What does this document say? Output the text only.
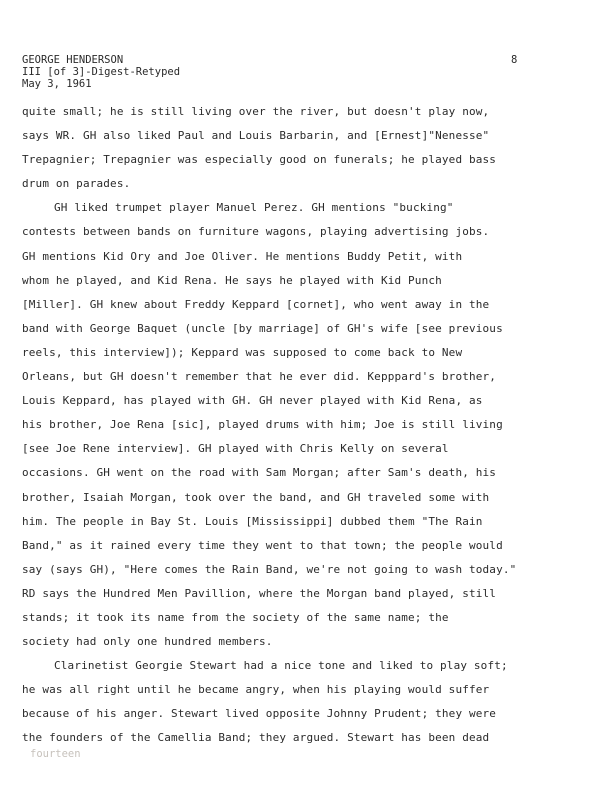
GEORGE HENDERSON
III [of 3]-Digest-Retyped
May 3, 1961
8
quite small; he is still living over the river, but doesn't play now,
says WR. GH also liked Paul and Louis Barbarin, and [Ernest]"Nenesse"
Trepagnier; Trepagnier was especially good on funerals; he played bass
drum on parades.
GH liked trumpet player Manuel Perez. GH mentions "bucking"
contests between bands on furniture wagons, playing advertising jobs.
GH mentions Kid Ory and Joe Oliver. He mentions Buddy Petit, with
whom he played, and Kid Rena. He says he played with Kid Punch
[Miller]. GH knew about Freddy Keppard [cornet], who went away in the
band with George Baquet (uncle [by marriage] of GH's wife [see previous
reels, this interview]); Keppard was supposed to come back to New
Orleans, but GH doesn't remember that he ever did. Kepppard's brother,
Louis Keppard, has played with GH. GH never played with Kid Rena, as
his brother, Joe Rena [sic], played drums with him; Joe is still living
[see Joe Rene interview]. GH played with Chris Kelly on several
occasions. GH went on the road with Sam Morgan; after Sam's death, his
brother, Isaiah Morgan, took over the band, and GH traveled some with
him. The people in Bay St. Louis [Mississippi] dubbed them "The Rain
Band," as it rained every time they went to that town; the people would
say (says GH), "Here comes the Rain Band, we're not going to wash today."
RD says the Hundred Men Pavillion, where the Morgan band played, still
stands; it took its name from the society of the same name; the
society had only one hundred members.
Clarinetist Georgie Stewart had a nice tone and liked to play soft;
he was all right until he became angry, when his playing would suffer
because of his anger. Stewart lived opposite Johnny Prudent; they were
the founders of the Camellia Band; they argued. Stewart has been dead
fourteen
